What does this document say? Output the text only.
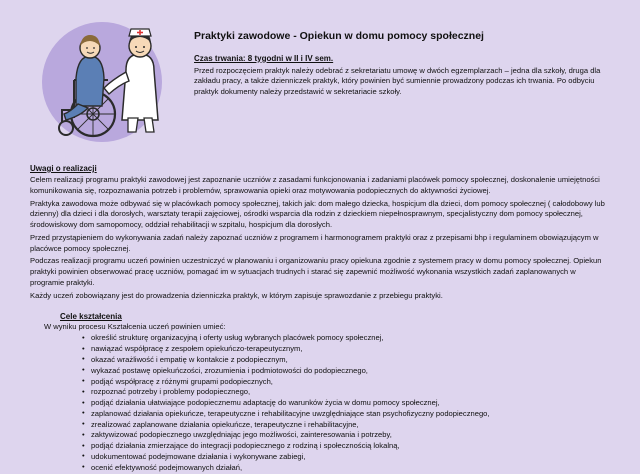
Praktyki zawodowe - Opiekun w domu pomocy społecznej
Czas trwania: 8 tygodni w II i IV sem.

Przed rozpoczęciem praktyk należy odebrać z sekretariatu umowę w dwóch egzemplarzach – jedna dla szkoły, druga dla zakładu pracy, a także dzienniczek praktyk, który powinien być sumiennie prowadzony podczas ich trwania. Po odbyciu praktyk dokumenty należy przedstawić w sekretariacie szkoły.

Uwagi o realizacji

Celem realizacji programu praktyki zawodowej jest zapoznanie uczniów z zasadami funkcjonowania i zadaniami placówek pomocy społecznej, doskonalenie umiejętności komunikowania się, rozpoznawania potrzeb i problemów, sprawowania opieki oraz motywowania podopiecznych do aktywności życiowej.

Praktyka zawodowa może odbywać się w placówkach pomocy społecznej, takich jak: dom małego dziecka, hospicjum dla dzieci, dom pomocy społecznej ( całodobowy lub dzienny) dla dzieci i dla dorosłych, warsztaty terapii zajęciowej, ośrodki wsparcia dla rodzin z dzieckiem niepełnosprawnym, specjalistyczny dom pomocy społecznej, środowiskowy dom samopomocy, oddział rehabilitacji w szpitalu, hospicjum dla dorosłych.

Przed przystąpieniem do wykonywania zadań należy zapoznać uczniów z programem i harmonogramem praktyki oraz z przepisami bhp i regulaminem obowiązującym w placówce pomocy społecznej.

Podczas realizacji programu uczeń powinien uczestniczyć w planowaniu i organizowaniu pracy opiekuna zgodnie z systemem pracy w domu pomocy społecznej. Opiekun praktyki powinien obserwować pracę uczniów, pomagać im w sytuacjach trudnych i starać się zapewnić możliwość wykonania wszystkich zadań zaplanowanych w programie praktyki.

Każdy uczeń zobowiązany jest do prowadzenia dzienniczka praktyk, w którym zapisuje sprawozdanie z przebiegu praktyki.

Cele kształcenia
W wyniku procesu Kształcenia uczeń powinien umieć:
• określić strukturę organizacyjną i oferty usług wybranych placówek pomocy społecznej,
• nawiązać współpracę z zespołem opiekuńczo-terapeutycznym,
• okazać wrażliwość i empatię w kontakcie z podopiecznym,
• wykazać postawę opiekuńczości, zrozumienia i podmiotowości do podopiecznego,
• podjąć współpracę z różnymi grupami podopiecznych,
• rozpoznać potrzeby i problemy podopiecznego,
• podjąć działania ułatwiające podopiecznemu adaptację do warunków życia w domu pomocy społecznej,
• zaplanować działania opiekuńcze, terapeutyczne i rehabilitacyjne uwzględniające stan psychofizyczny podopiecznego,
• zrealizować zaplanowane działania opiekuńcze, terapeutyczne i rehabilitacyjne,
• zaktywizować podopiecznego uwzględniając jego możliwości, zainteresowania i potrzeby,
• podjąć działania zmierzające do integracji podopiecznego z rodziną i społecznością lokalną,
• udokumentować podejmowane działania i wykonywane zabiegi,
• ocenić efektywność podejmowanych działań,
